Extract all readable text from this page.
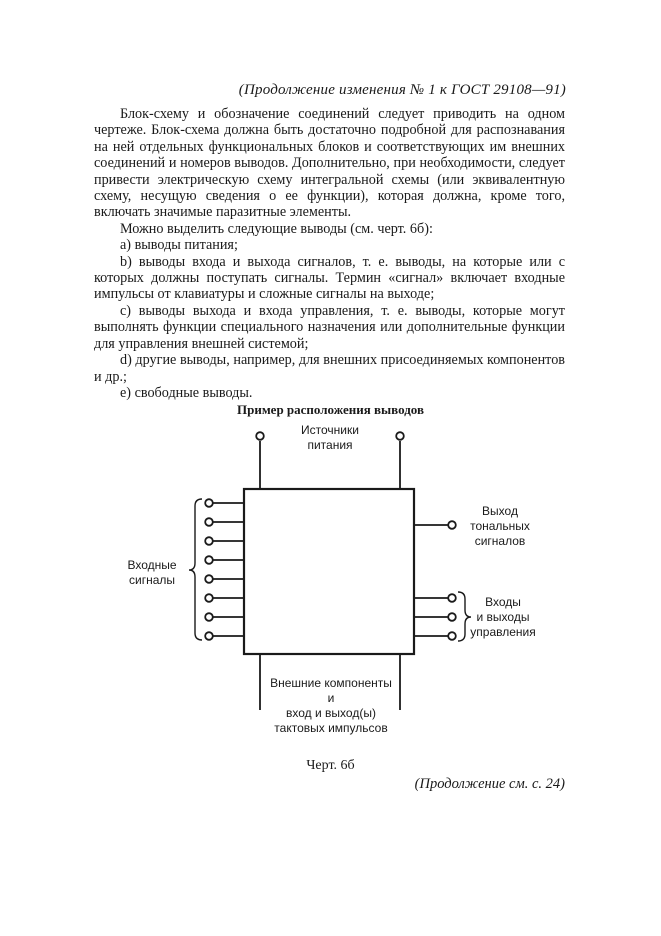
(Продолжение изменения № 1 к ГОСТ 29108—91)

Блок-схему и обозначение соединений следует приводить на одном чертеже. Блок-схема должна быть достаточно подробной для распознавания на ней отдельных функциональных блоков и соответствующих им внешних соединений и номеров выводов. Дополнительно, при необходимости, следует привести электрическую схему интегральной схемы (или эквивалентную схему, несущую сведения о ее функции), которая должна, кроме того, включать значимые паразитные элементы.

Можно выделить следующие выводы (см. черт. 6б):

а) выводы питания;

b) выводы входа и выхода сигналов, т. е. выводы, на которые или с которых должны поступать сигналы. Термин «сигнал» включает входные импульсы от клавиатуры и сложные сигналы на выходе;

c) выводы выхода и входа управления, т. е. выводы, которые могут выполнять функции специального назначения или дополнительные функции для управления внешней системой;

d) другие выводы, например, для внешних присоединяемых компонентов и др.;

e) свободные выводы.

Пример расположения выводов
Источники
питания
Входные
сигналы
Выход
тональных
сигналов
Входы
и выходы
управления
Внешние компоненты
и
вход и выход(ы)
тактовых импульсов
Черт. 6б
(Продолжение см. с. 24)
